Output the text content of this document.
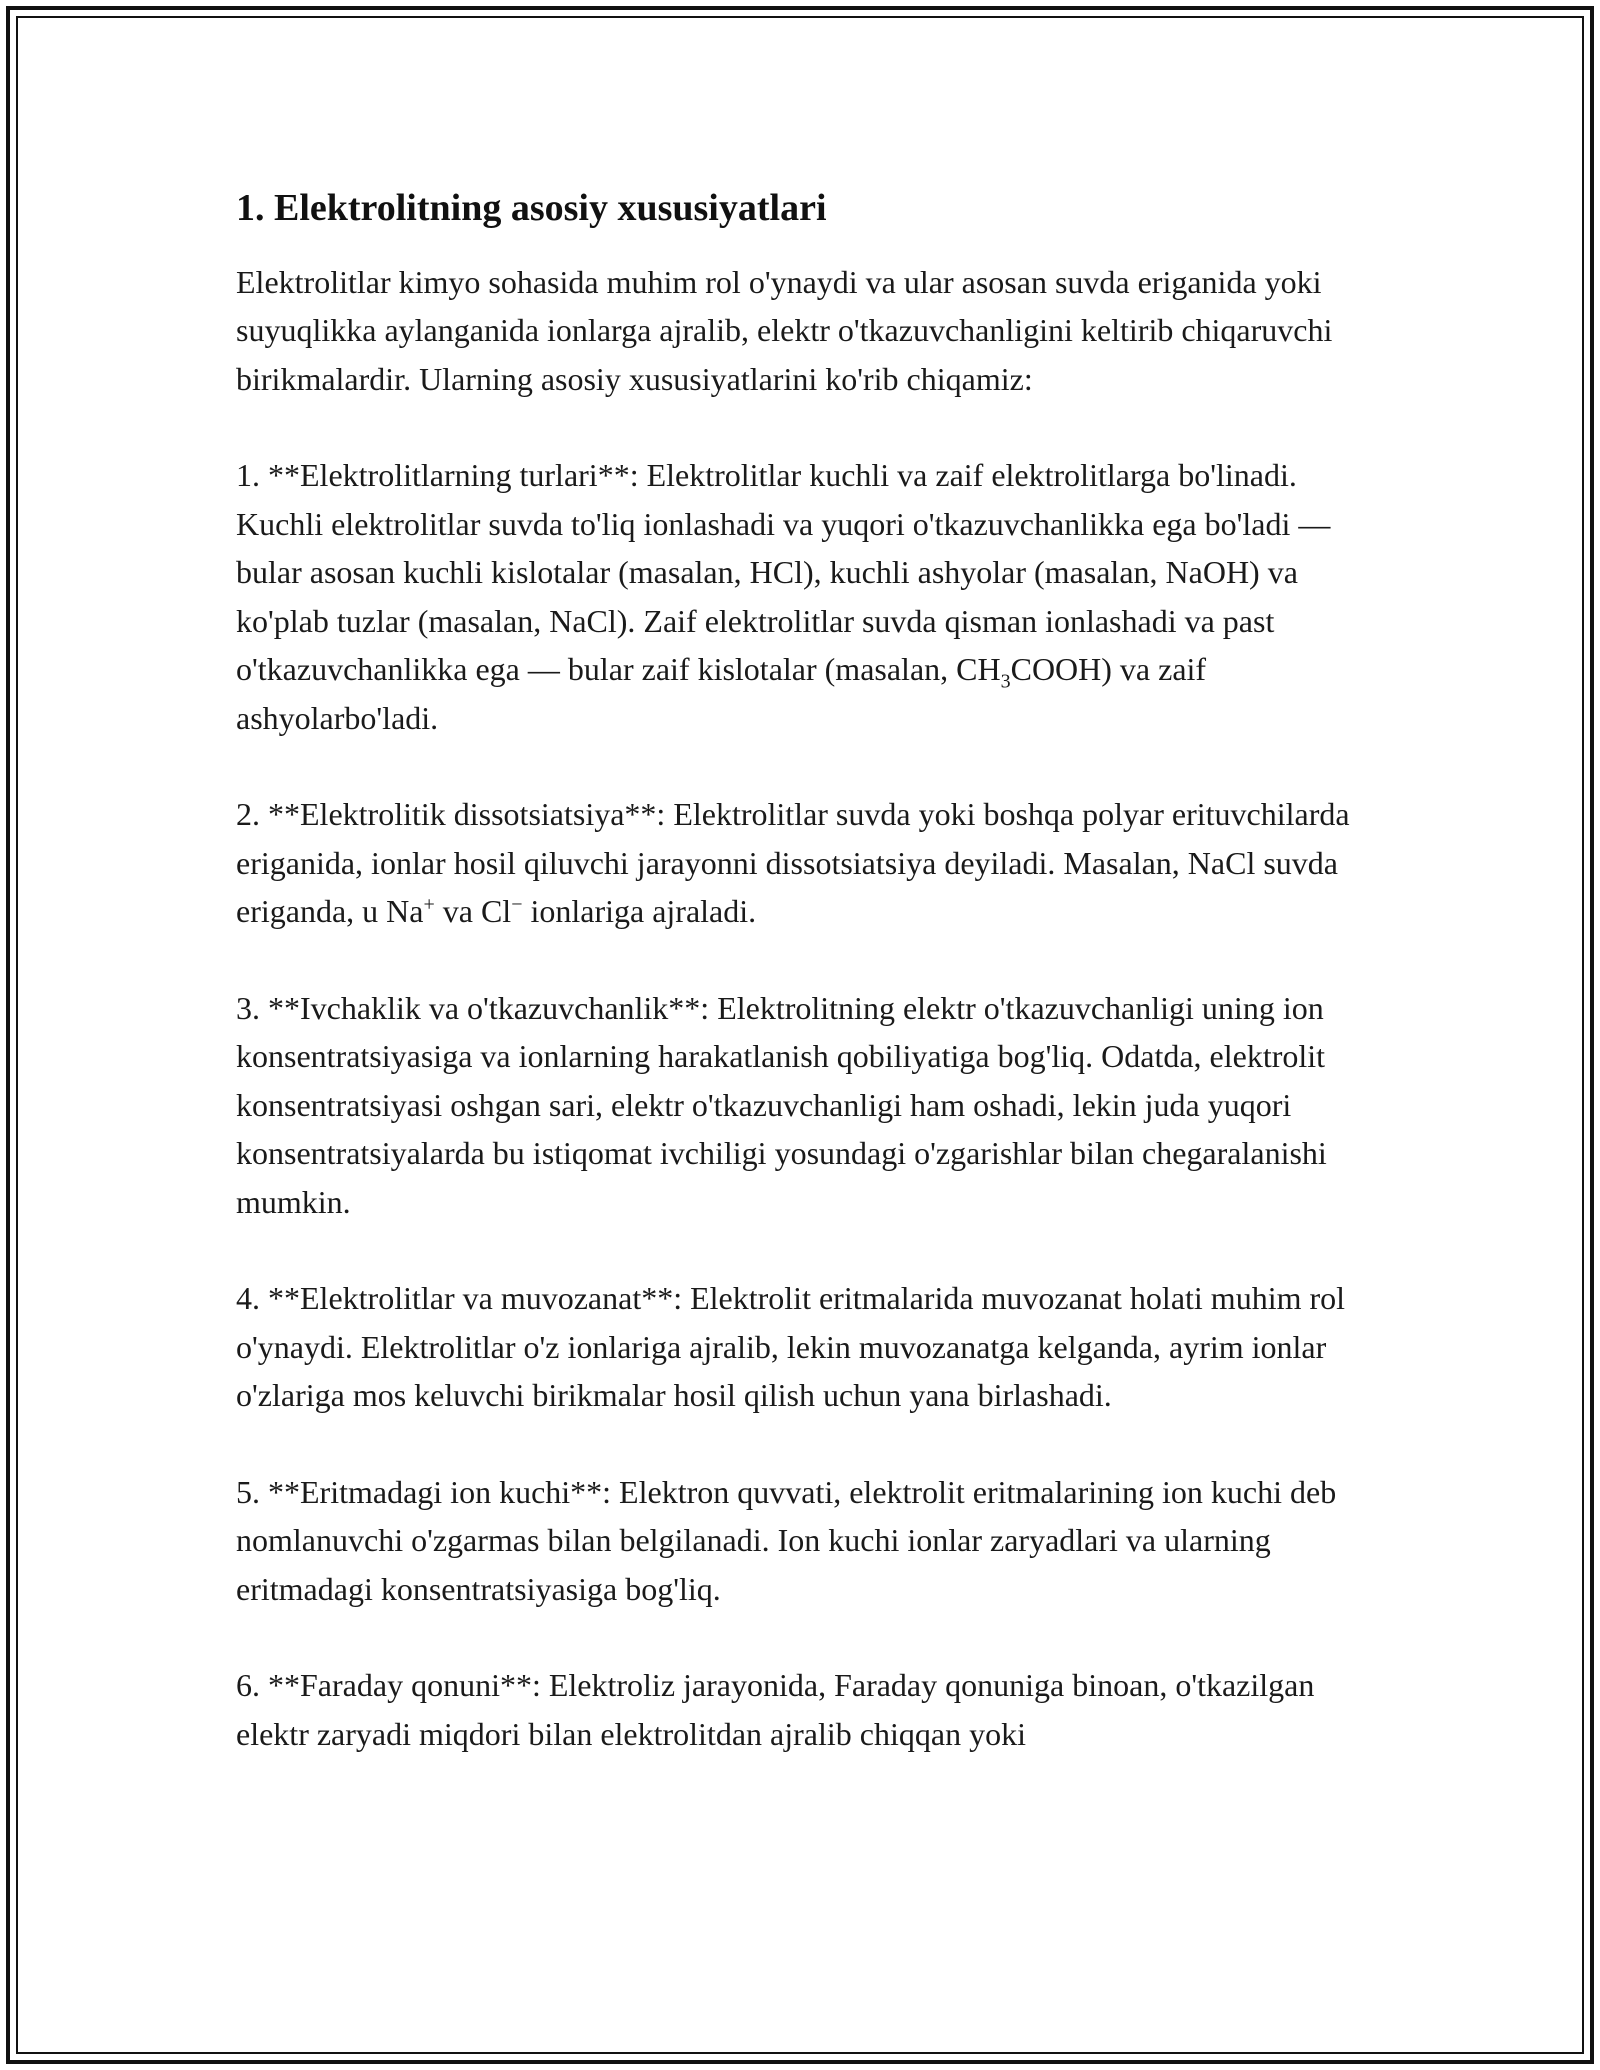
1. Elektrolitning asosiy xususiyatlari

Elektrolitlar kimyo sohasida muhim rol o'ynaydi va ular asosan suvda eriganida yoki suyuqlikka aylanganida ionlarga ajralib, elektr o'tkazuvchanligini keltirib chiqaruvchi birikmalardir. Ularning asosiy xususiyatlarini ko'rib chiqamiz:

1. **Elektrolitlarning turlari**: Elektrolitlar kuchli va zaif elektrolitlarga bo'linadi. Kuchli elektrolitlar suvda to'liq ionlashadi va yuqori o'tkazuvchanlikka ega bo'ladi — bular asosan kuchli kislotalar (masalan, HCl), kuchli ashyolar (masalan, NaOH) va ko'plab tuzlar (masalan, NaCl). Zaif elektrolitlar suvda qisman ionlashadi va past o'tkazuvchanlikka ega — bular zaif kislotalar (masalan, $CH_3COOH$) va zaif ashyolarbo'ladi.

2. **Elektrolitik dissotsiatsiya**: Elektrolitlar suvda yoki boshqa polyar erituvchilarda eriganida, ionlar hosil qiluvchi jarayonni dissotsiatsiya deyiladi. Masalan, NaCl suvda eriganda, u Na+ va Cl− ionlariga ajraladi.

3. **Ivchaklik va o'tkazuvchanlik**: Elektrolitning elektr o'tkazuvchanligi uning ion konsentratsiyasiga va ionlarning harakatlanish qobiliyatiga bog'liq. Odatda, elektrolit konsentratsiyasi oshgan sari, elektr o'tkazuvchanligi ham oshadi, lekin juda yuqori konsentratsiyalarda bu istiqomat ivchiligi yosundagi o'zgarishlar bilan chegaralanishi mumkin.

4. **Elektrolitlar va muvozanat**: Elektrolit eritmalarida muvozanat holati muhim rol o'ynaydi. Elektrolitlar o'z ionlariga ajralib, lekin muvozanatga kelganda, ayrim ionlar o'zlariga mos keluvchi birikmalar hosil qilish uchun yana birlashadi.

5. **Eritmadagi ion kuchi**: Elektron quvvati, elektrolit eritmalarining ion kuchi deb nomlanuvchi o'zgarmas bilan belgilanadi. Ion kuchi ionlar zaryadlari va ularning eritmadagi konsentratsiyasiga bog'liq.

6. **Faraday qonuni**: Elektroliz jarayonida, Faraday qonuniga binoan, o'tkazilgan elektr zaryadi miqdori bilan elektrolitdan ajralib chiqqan yoki
